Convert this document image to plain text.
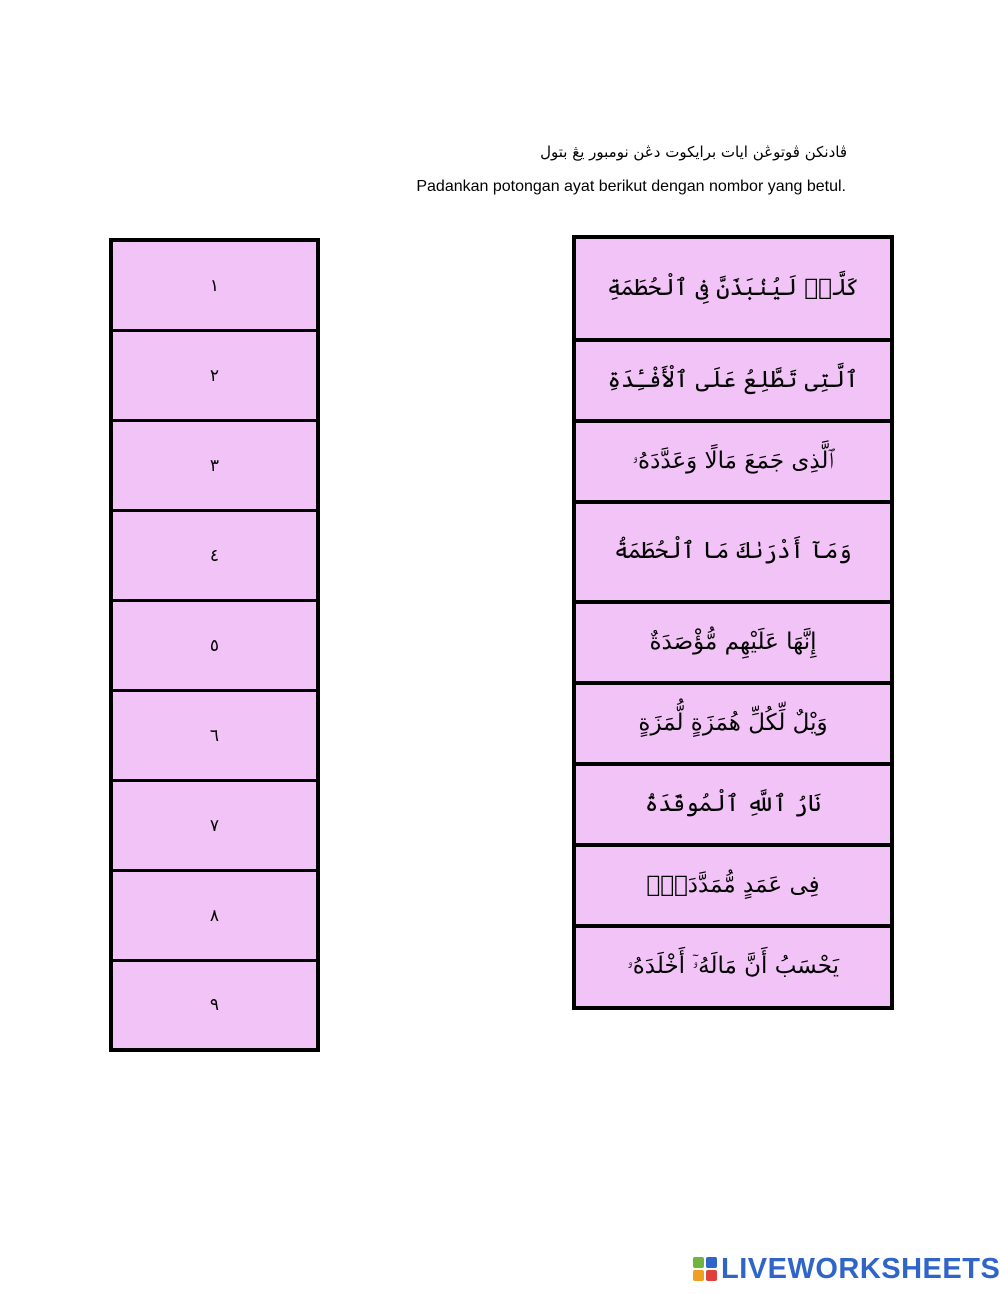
ڤادنكن ڤوتوڠن ايات برايكوت دڠن نومبور يڠ بتول
Padankan potongan ayat berikut dengan nombor yang betul.
١
٢
٣
٤
٥
٦
٧
٨
٩
كَلَّاۖ لَيُنۢبَذَنَّ فِى ٱلْحُطَمَةِ
ٱلَّتِى تَطَّلِعُ عَلَى ٱلْأَفْـِٔدَةِ
ٱلَّذِى جَمَعَ مَالًا وَعَدَّدَهُۥ
وَمَآ أَدْرَىٰكَ مَا ٱلْحُطَمَةُ
إِنَّهَا عَلَيْهِم مُّؤْصَدَةٌ
وَيْلٌ لِّكُلِّ هُمَزَةٍ لُّمَزَةٍ
نَارُ ٱللَّهِ ٱلْمُوقَدَةُ
فِى عَمَدٍ مُّمَدَّدَةٍۭ
يَحْسَبُ أَنَّ مَالَهُۥٓ أَخْلَدَهُۥ
LIVEWORKSHEETS
